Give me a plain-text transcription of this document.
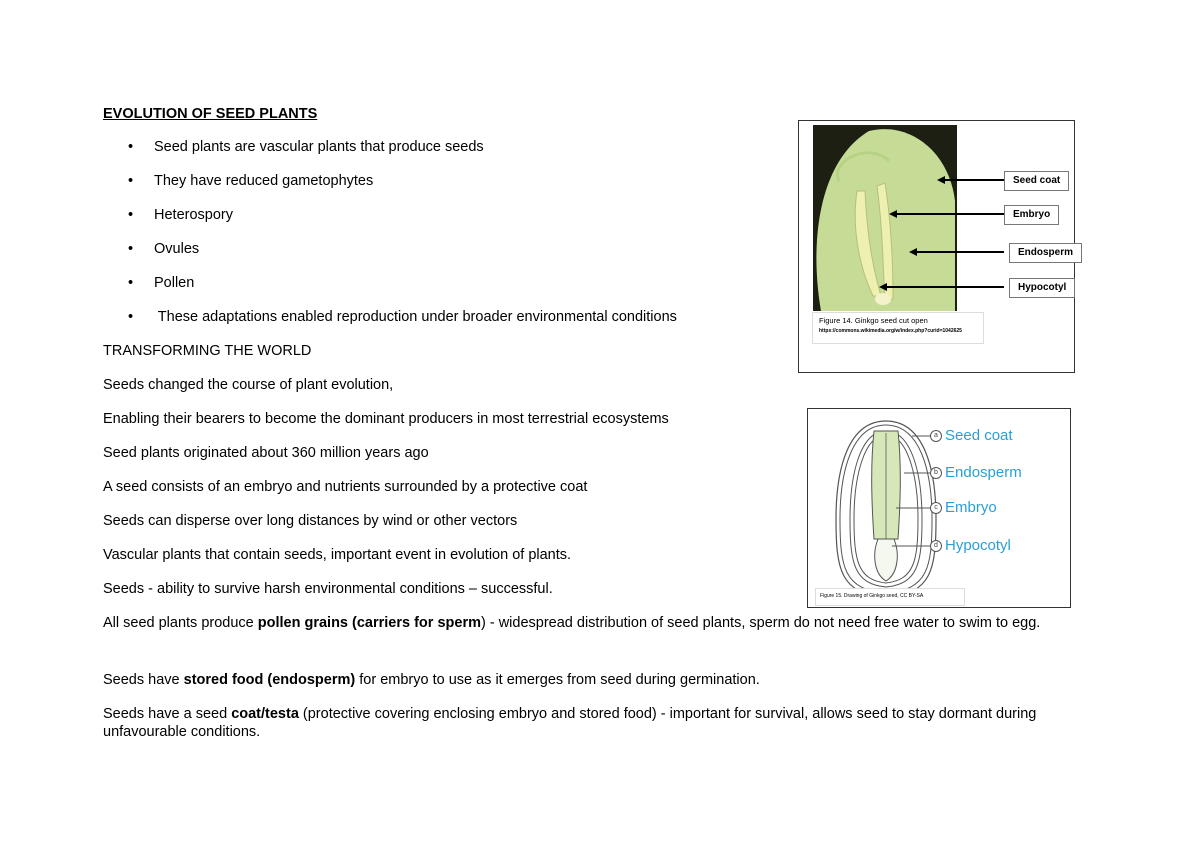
EVOLUTION OF SEED PLANTS
• Seed plants are vascular plants that produce seeds
• They have reduced gametophytes
• Heterospory
• Ovules
• Pollen
• These adaptations enabled reproduction under broader environmental conditions
TRANSFORMING THE WORLD
Seeds changed the course of plant evolution,
Enabling their bearers to become the dominant producers in most terrestrial ecosystems
Seed plants originated about 360 million years ago
A seed consists of an embryo and nutrients surrounded by a protective coat
Seeds can disperse over long distances by wind or other vectors
Vascular plants that contain seeds, important event in evolution of plants.
Seeds - ability to survive harsh environmental conditions – successful.
All seed plants produce pollen grains (carriers for sperm) - widespread distribution of seed plants, sperm do not need free water to swim to egg.
Seeds have stored food (endosperm) for embryo to use as it emerges from seed during germination.
Seeds have a seed coat/testa (protective covering enclosing embryo and stored food) - important for survival, allows seed to stay dormant during unfavourable conditions.
Seed coat
Embryo
Endosperm
Hypocotyl
Figure 14. Ginkgo seed cut open
https://commons.wikimedia.org/w/index.php?curid=1042625
a Seed coat
b Endosperm
c Embryo
d Hypocotyl
Figure 15. Drawing of Ginkgo seed, CC BY-SA
